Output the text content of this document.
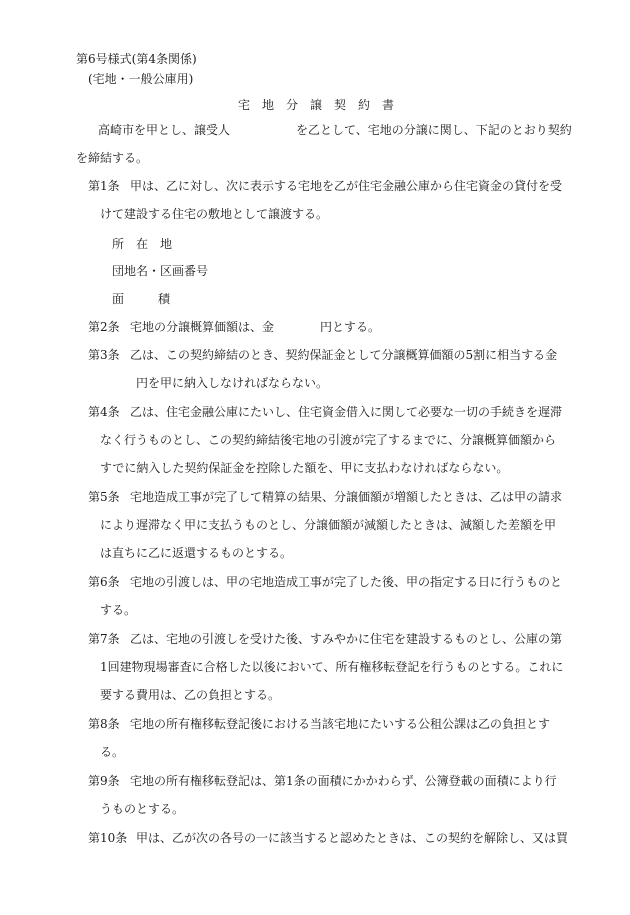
第6号様式(第4条関係)
(宅地・一般公庫用)
宅地分譲契約書
高崎市を甲とし、譲受人	を乙として、宅地の分譲に関し、下記のとおり契約
を締結する。
第1条 甲は、乙に対し、次に表示する宅地を乙が住宅金融公庫から住宅資金の貸付を受
けて建設する住宅の敷地として譲渡する。
所 在 地
団地名・区画番号
面	積
第2条 宅地の分譲概算価額は、金	円とする。
第3条 乙は、この契約締結のとき、契約保証金として分譲概算価額の5割に相当する金
円を甲に納入しなければならない。
第4条 乙は、住宅金融公庫にたいし、住宅資金借入に関して必要な一切の手続きを遅滞
なく行うものとし、この契約締結後宅地の引渡が完了するまでに、分譲概算価額から
すでに納入した契約保証金を控除した額を、甲に支払わなければならない。
第5条 宅地造成工事が完了して精算の結果、分譲価額が増額したときは、乙は甲の請求
により遅滞なく甲に支払うものとし、分譲価額が減額したときは、減額した差額を甲
は直ちに乙に返還するものとする。
第6条 宅地の引渡しは、甲の宅地造成工事が完了した後、甲の指定する日に行うものと
する。
第7条 乙は、宅地の引渡しを受けた後、すみやかに住宅を建設するものとし、公庫の第
1回建物現場審査に合格した以後において、所有権移転登記を行うものとする。これに
要する費用は、乙の負担とする。
第8条 宅地の所有権移転登記後における当該宅地にたいする公租公課は乙の負担とす
る。
第9条 宅地の所有権移転登記は、第1条の面積にかかわらず、公簿登載の面積により行
うものとする。
第10条 甲は、乙が次の各号の一に該当すると認めたときは、この契約を解除し、又は買
